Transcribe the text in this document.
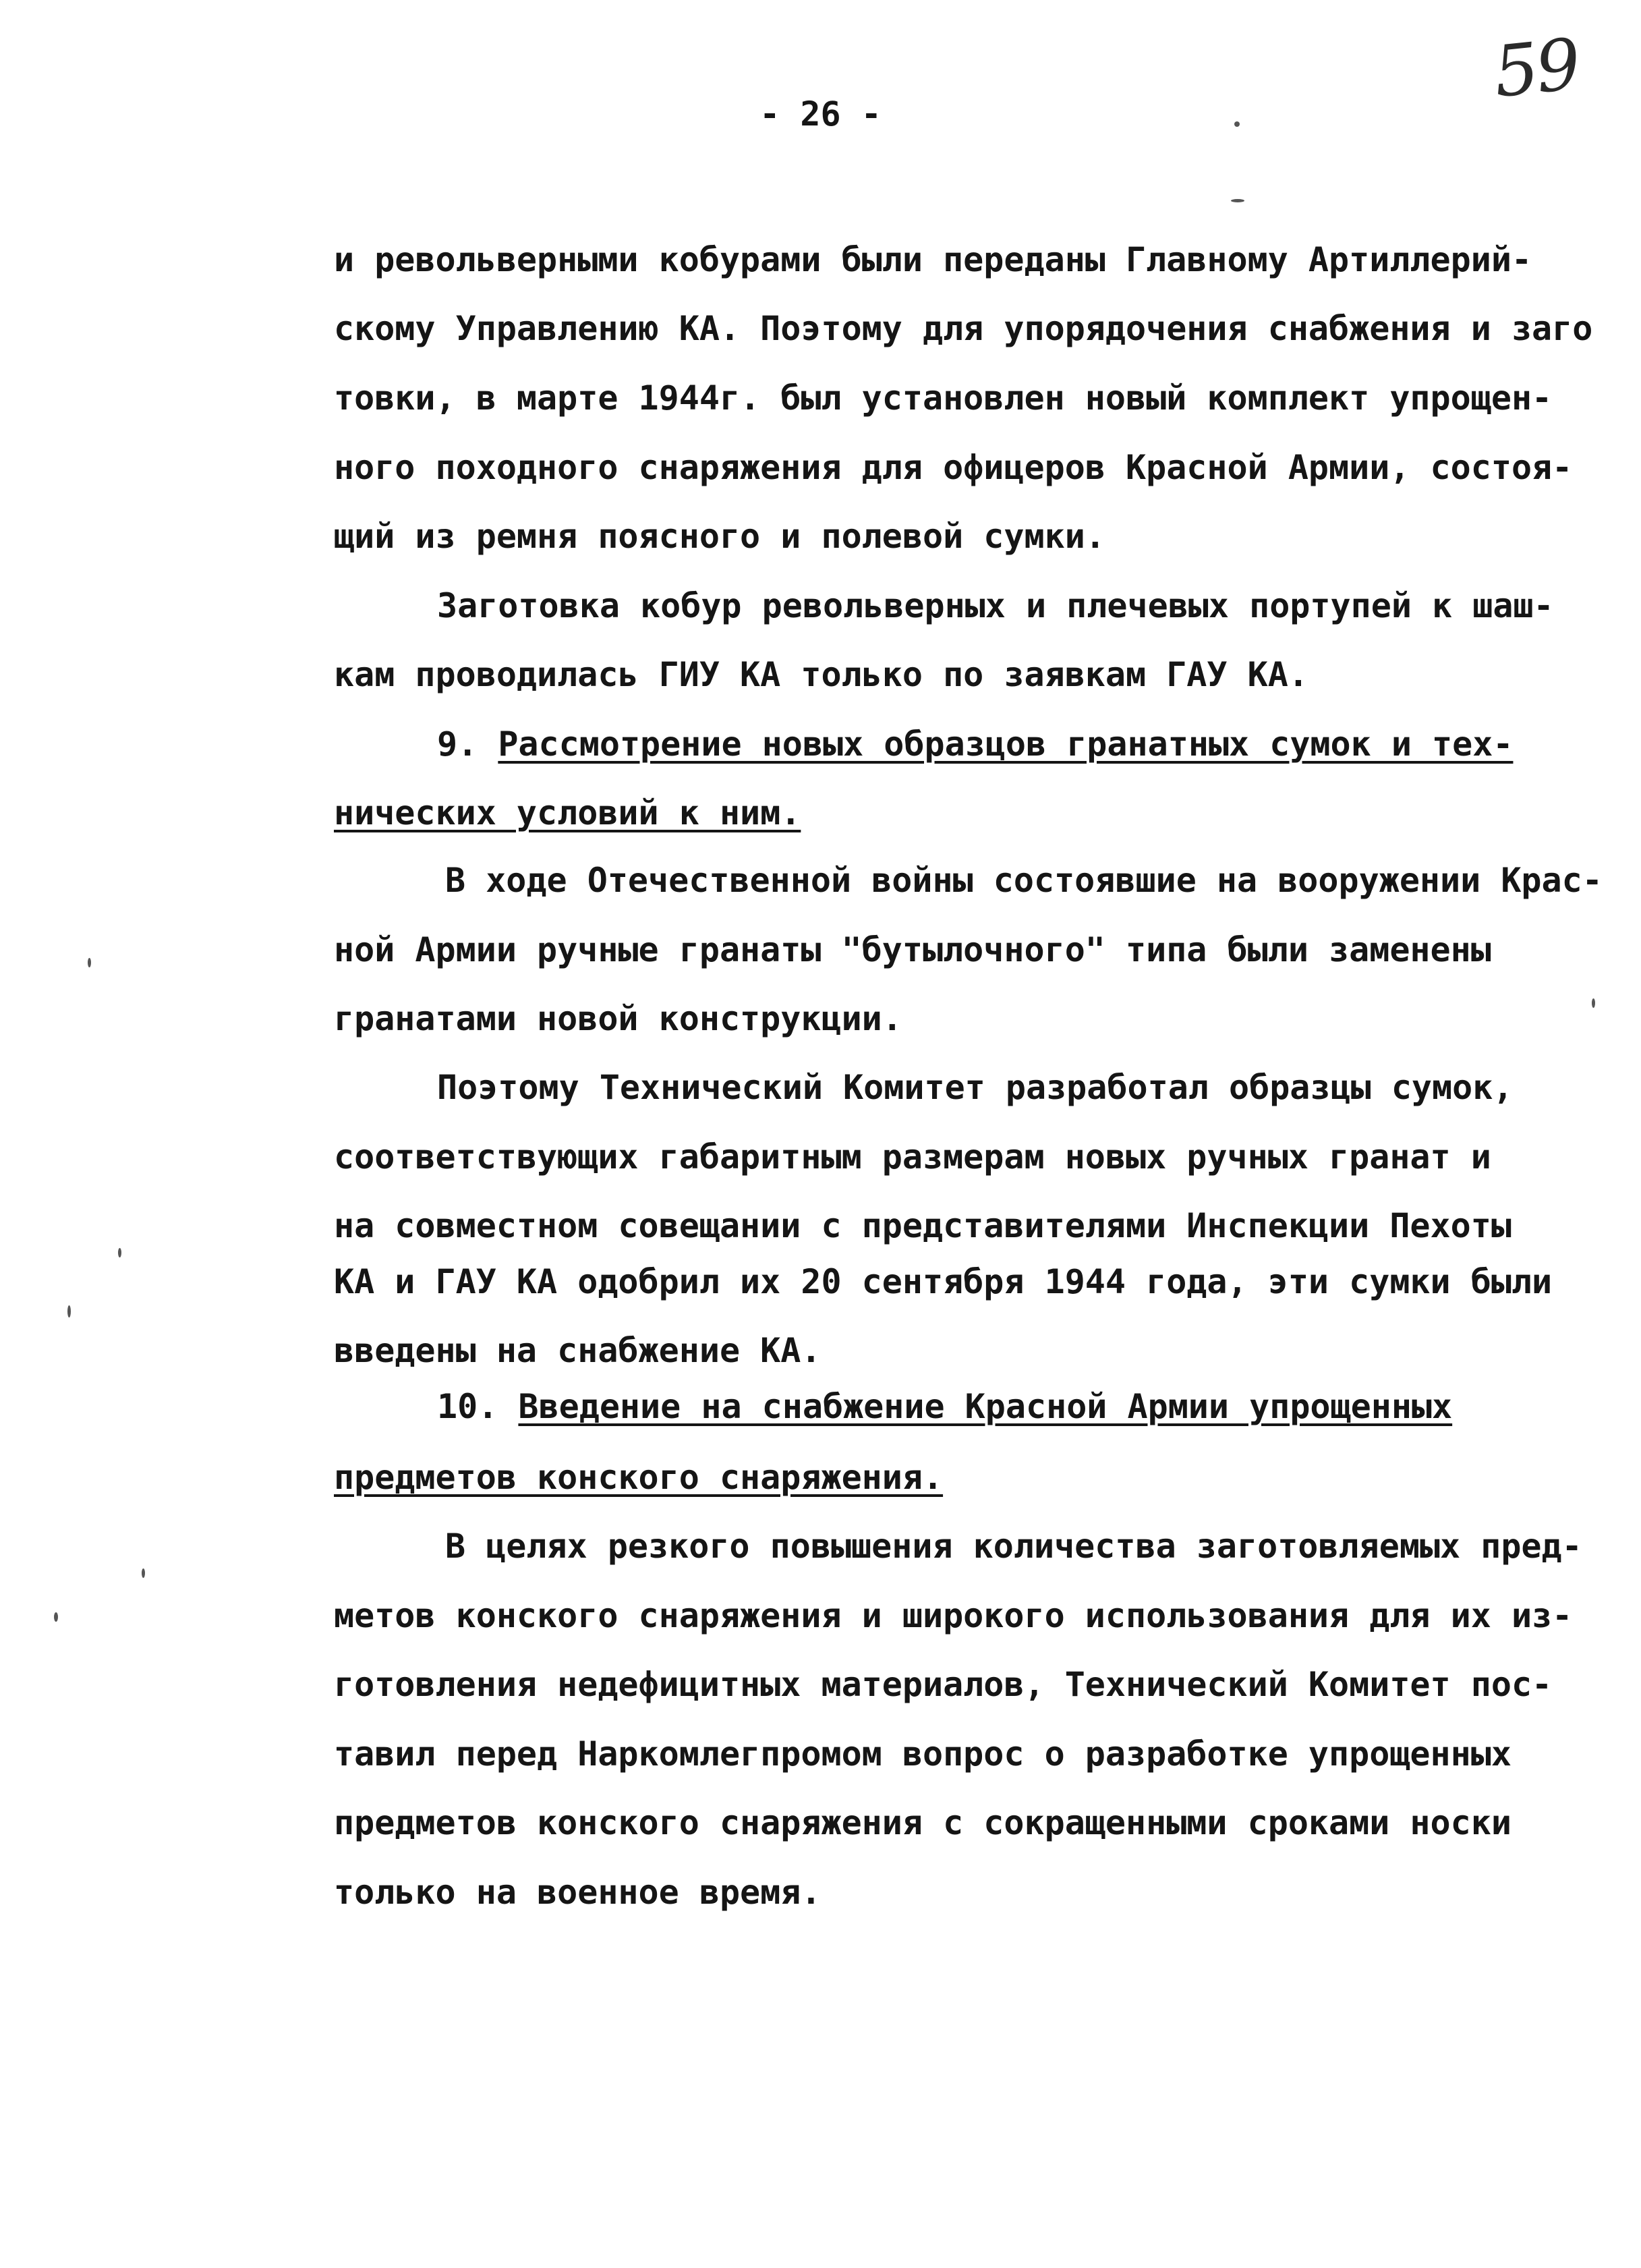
59
- 26 -
и револьверными кобурами были переданы Главному Артиллерий-
скому Управлению КА. Поэтому для упорядочения снабжения и заго
товки, в марте 1944г. был установлен новый комплект упрощен-
ного походного снаряжения для офицеров Красной Армии, состоя-
щий из ремня поясного и полевой сумки.
Заготовка кобур револьверных и плечевых портупей к шаш-
кам проводилась ГИУ КА только по заявкам ГАУ КА.
9. Рассмотрение новых образцов гранатных сумок и тех-
нических условий к ним.
В ходе Отечественной войны состоявшие на вооружении Крас-
ной Армии ручные гранаты "бутылочного" типа были заменены
гранатами новой конструкции.
Поэтому Технический Комитет разработал образцы сумок,
соответствующих габаритным размерам новых ручных гранат и
на совместном совещании с представителями Инспекции Пехоты
КА и ГАУ КА одобрил их 20 сентября 1944 года, эти сумки были
введены на снабжение КА.
10. Введение на снабжение Красной Армии упрощенных
предметов конского снаряжения.
В целях резкого повышения количества заготовляемых пред-
метов конского снаряжения и широкого использования для их из-
готовления недефицитных материалов, Технический Комитет пос-
тавил перед Наркомлегпромом вопрос о разработке упрощенных
предметов конского снаряжения с сокращенными сроками носки
только на военное время.
